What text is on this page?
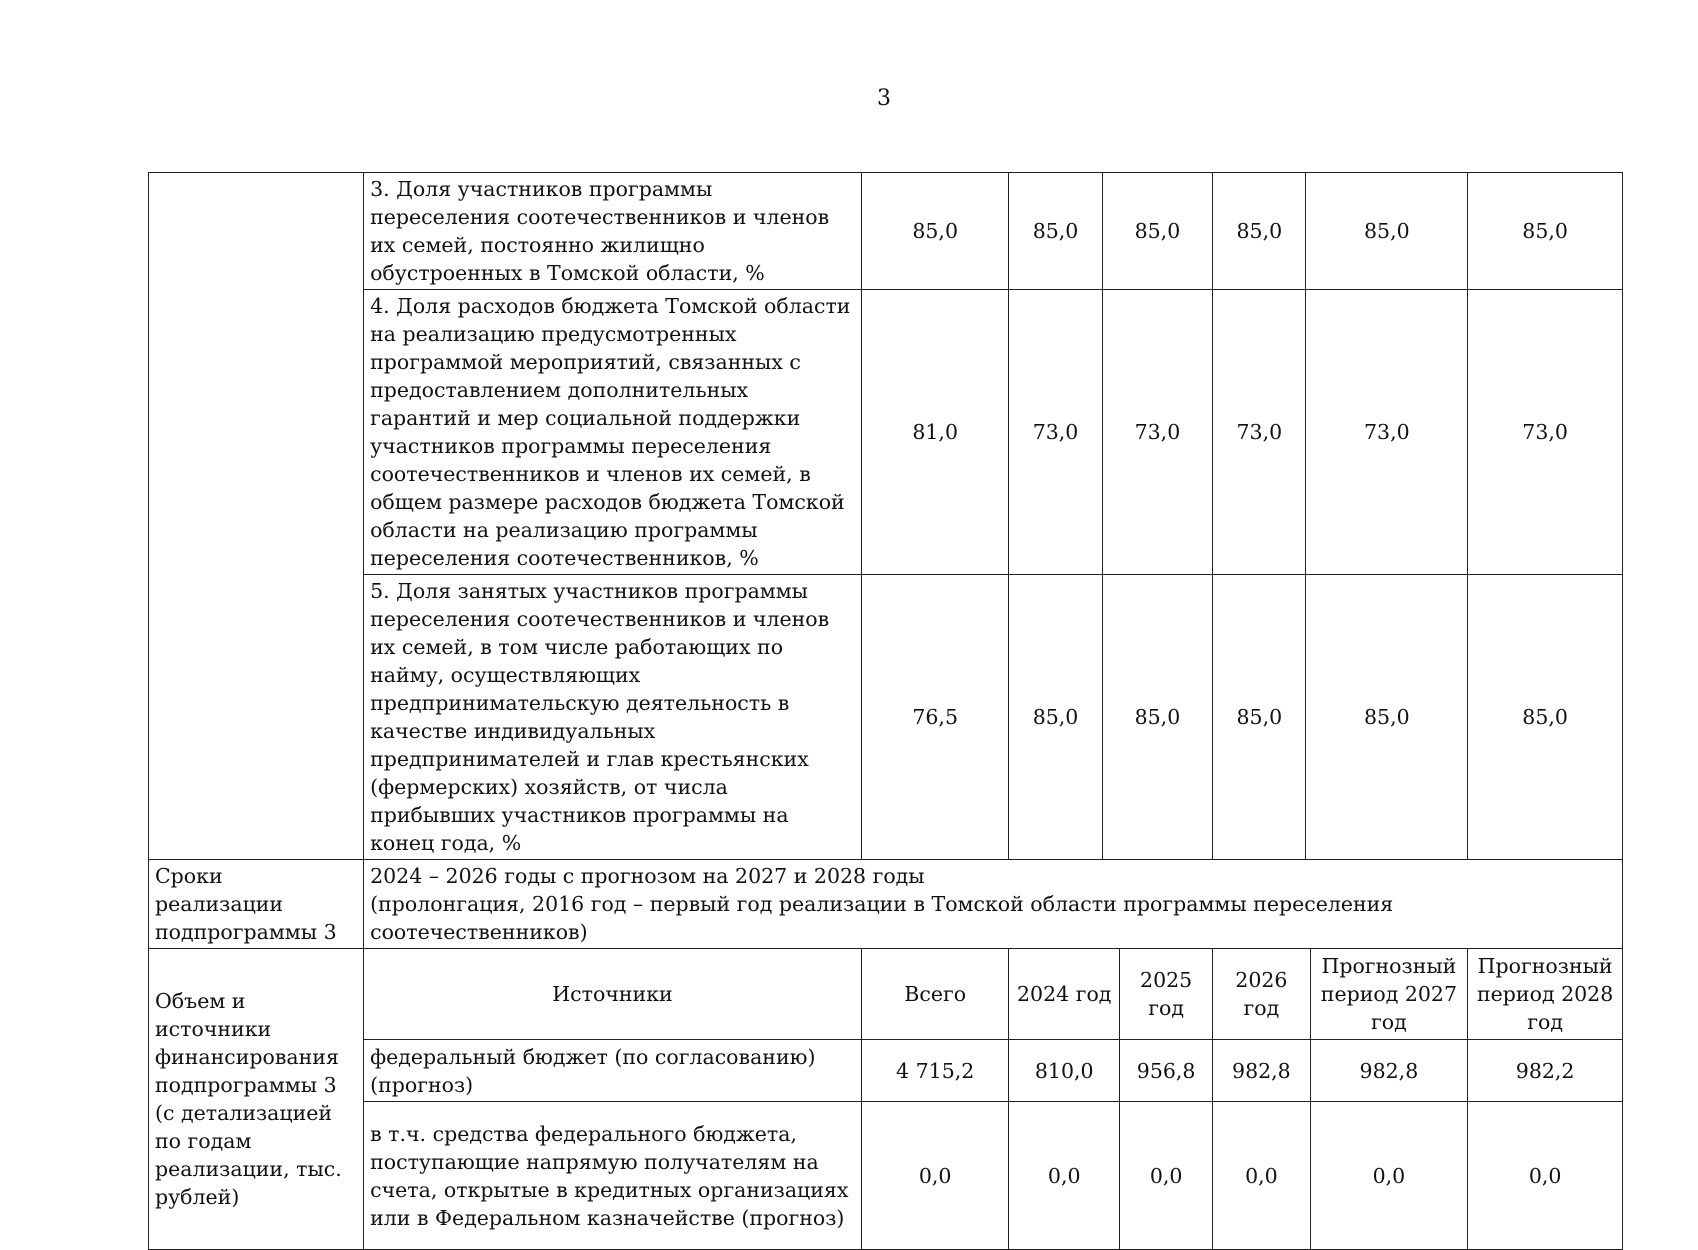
3
	3. Доля участников программы переселения соотечественников и членов их семей, постоянно жилищно обустроенных в Томской области, %	85,0	85,0	85,0		85,0	85,0		85,0
	4. Доля расходов бюджета Томской области на реализацию предусмотренных программой мероприятий, связанных с предоставлением дополнительных гарантий и мер социальной поддержки участников программы переселения соотечественников и членов их семей, в общем размере расходов бюджета Томской области на реализацию программы переселения соотечественников, %	81,0	73,0	73,0		73,0	73,0		73,0
	5. Доля занятых участников программы переселения соотечественников и членов их семей, в том числе работающих по найму, осуществляющих предпринимательскую деятельность в качестве индивидуальных предпринимателей и глав крестьянских (фермерских) хозяйств, от числа прибывших участников программы на конец года, %	76,5	85,0	85,0		85,0	85,0		85,0
Сроки реализации подпрограммы 3	2024 – 2026 годы с прогнозом на 2027 и 2028 годы
(пролонгация, 2016 год – первый год реализации в Томской области программы переселения соотечественников)								

Объем и источники финансирования подпрограммы 3 (с детализацией по годам реализации, тыс. рублей)	Источники	Всего	2024 год		2025 год	2026 год		Прогнозный период 2027 год	Прогнозный период 2028 год
	федеральный бюджет (по согласованию) (прогноз)	4 715,2	810,0		956,8	982,8		982,8	982,2
	в т.ч. средства федерального бюджета, поступающие напрямую получателям на счета, открытые в кредитных организациях или в Федеральном казначействе (прогноз)	0,0	0,0		0,0	0,0		0,0	0,0
